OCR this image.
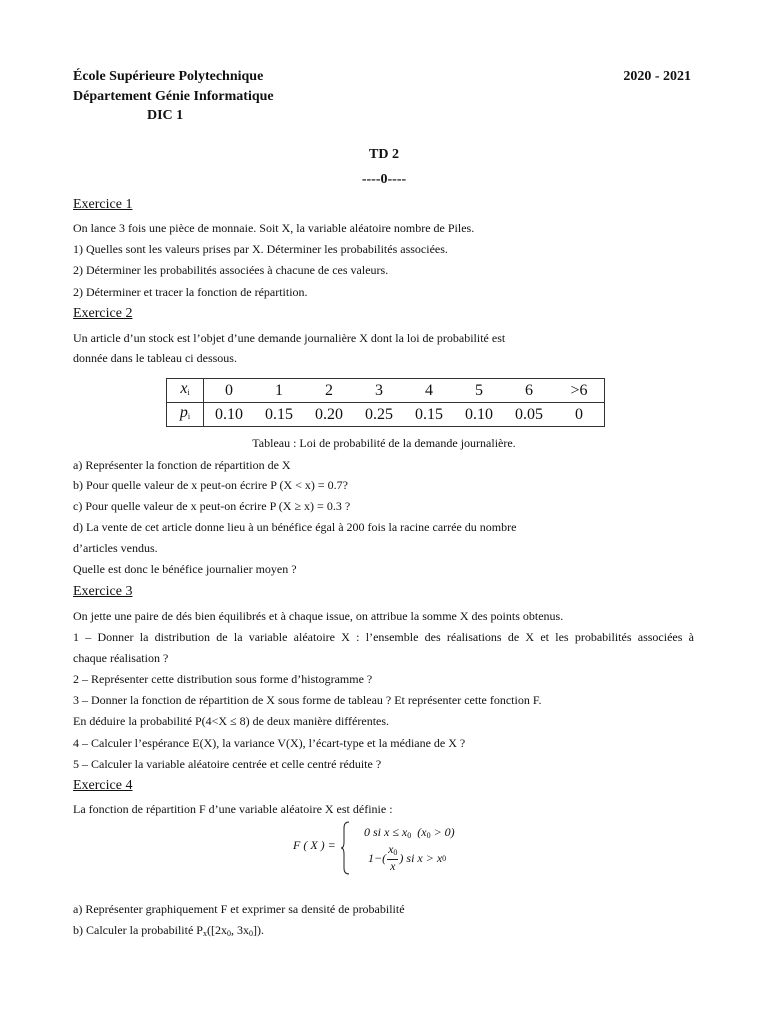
École Supérieure Polytechnique
Département Génie Informatique
DIC 1
2020 - 2021
TD 2
----0----
Exercice 1
On lance 3 fois une pièce de monnaie. Soit X, la variable aléatoire nombre de Piles.
1) Quelles sont les valeurs prises par X. Déterminer les probabilités associées.
2) Déterminer les probabilités associées à chacune de ces valeurs.
2) Déterminer et tracer la fonction de répartition.
Exercice 2
Un article d’un stock est l’objet d’une demande journalière X dont la loi de probabilité est
donnée dans le tableau ci dessous.
$x_i$	0	1	2	3	4	5	6	>6
$p_i$	0.10	0.15	0.20	0.25	0.15	0.10	0.05	0
Tableau : Loi de probabilité de la demande journalière.
a) Représenter la fonction de répartition de X
b) Pour quelle valeur de x peut-on écrire P (X < x) = 0.7?
c) Pour quelle valeur de x peut-on écrire P (X ≥ x) = 0.3 ?
d) La vente de cet article donne lieu à un bénéfice égal à 200 fois la racine carrée du nombre
d’articles vendus.
Quelle est donc le bénéfice journalier moyen ?
Exercice 3
On jette une paire de dés bien équilibrés et à chaque issue, on attribue la somme X des points obtenus.
1 – Donner la distribution de la variable aléatoire X : l’ensemble des réalisations de X et les probabilités associées à
chaque réalisation ?
2 – Représenter cette distribution sous forme d’histogramme ?
3 – Donner la fonction de répartition de X sous forme de tableau ? Et représenter cette fonction F.
En déduire la probabilité P(4<X ≤ 8) de deux manière différentes.
4 – Calculer l’espérance E(X), la variance V(X), l’écart-type et la médiane de X ?
5 – Calculer la variable aléatoire centrée et celle centré réduite ?
Exercice 4
La fonction de répartition F d’une variable aléatoire X est définie :
F ( X ) =
0 si $x \le x_0$ $(x_0 > 0)$
1−(
$x_0$
x
) si x > x 0
a) Représenter graphiquement F et exprimer sa densité de probabilité
b) Calculer la probabilité $P_x([2x_0$, $3x_0$]).
